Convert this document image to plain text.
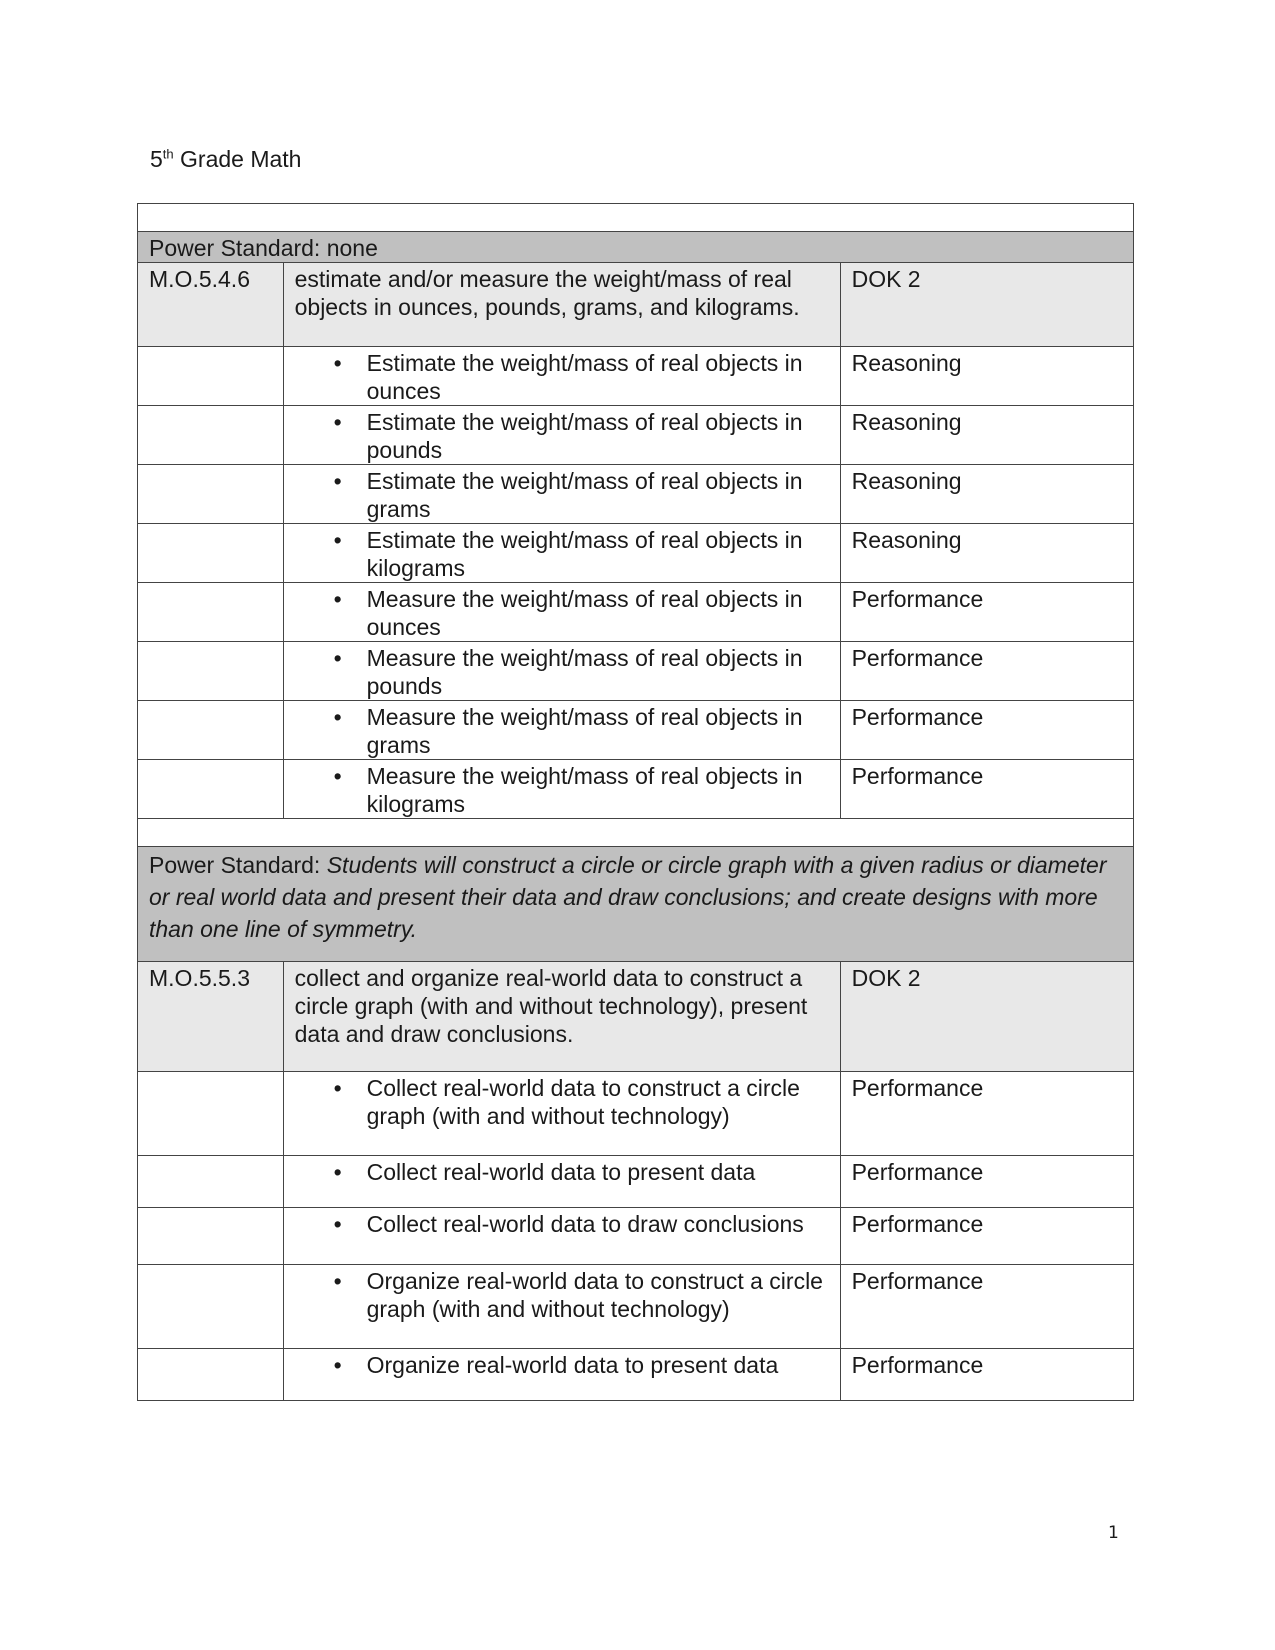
5th Grade Math

Power Standard: none		
M.O.5.4.6	estimate and/or measure the weight/mass of real objects in ounces, pounds, grams, and kilograms.	DOK 2

	• Estimate the weight/mass of real objects in ounces	Reasoning

	• Estimate the weight/mass of real objects in pounds	Reasoning

	• Estimate the weight/mass of real objects in grams	Reasoning

	• Estimate the weight/mass of real objects in kilograms	Reasoning

	• Measure the weight/mass of real objects in ounces	Performance

	• Measure the weight/mass of real objects in pounds	Performance

	• Measure the weight/mass of real objects in grams	Performance

	• Measure the weight/mass of real objects in kilograms	Performance

Power Standard: Students will construct a circle or circle graph with a given radius or diameter or real world data and present their data and draw conclusions; and create designs with more than one line of symmetry.		
M.O.5.5.3	collect and organize real-world data to construct a circle graph (with and without technology), present data and draw conclusions.	DOK 2

	• Collect real-world data to construct a circle graph (with and without technology)	Performance

	• Collect real-world data to present data	Performance

	• Collect real-world data to draw conclusions	Performance

	• Organize real-world data to construct a circle graph (with and without technology)	Performance

	• Organize real-world data to present data	Performance
1
